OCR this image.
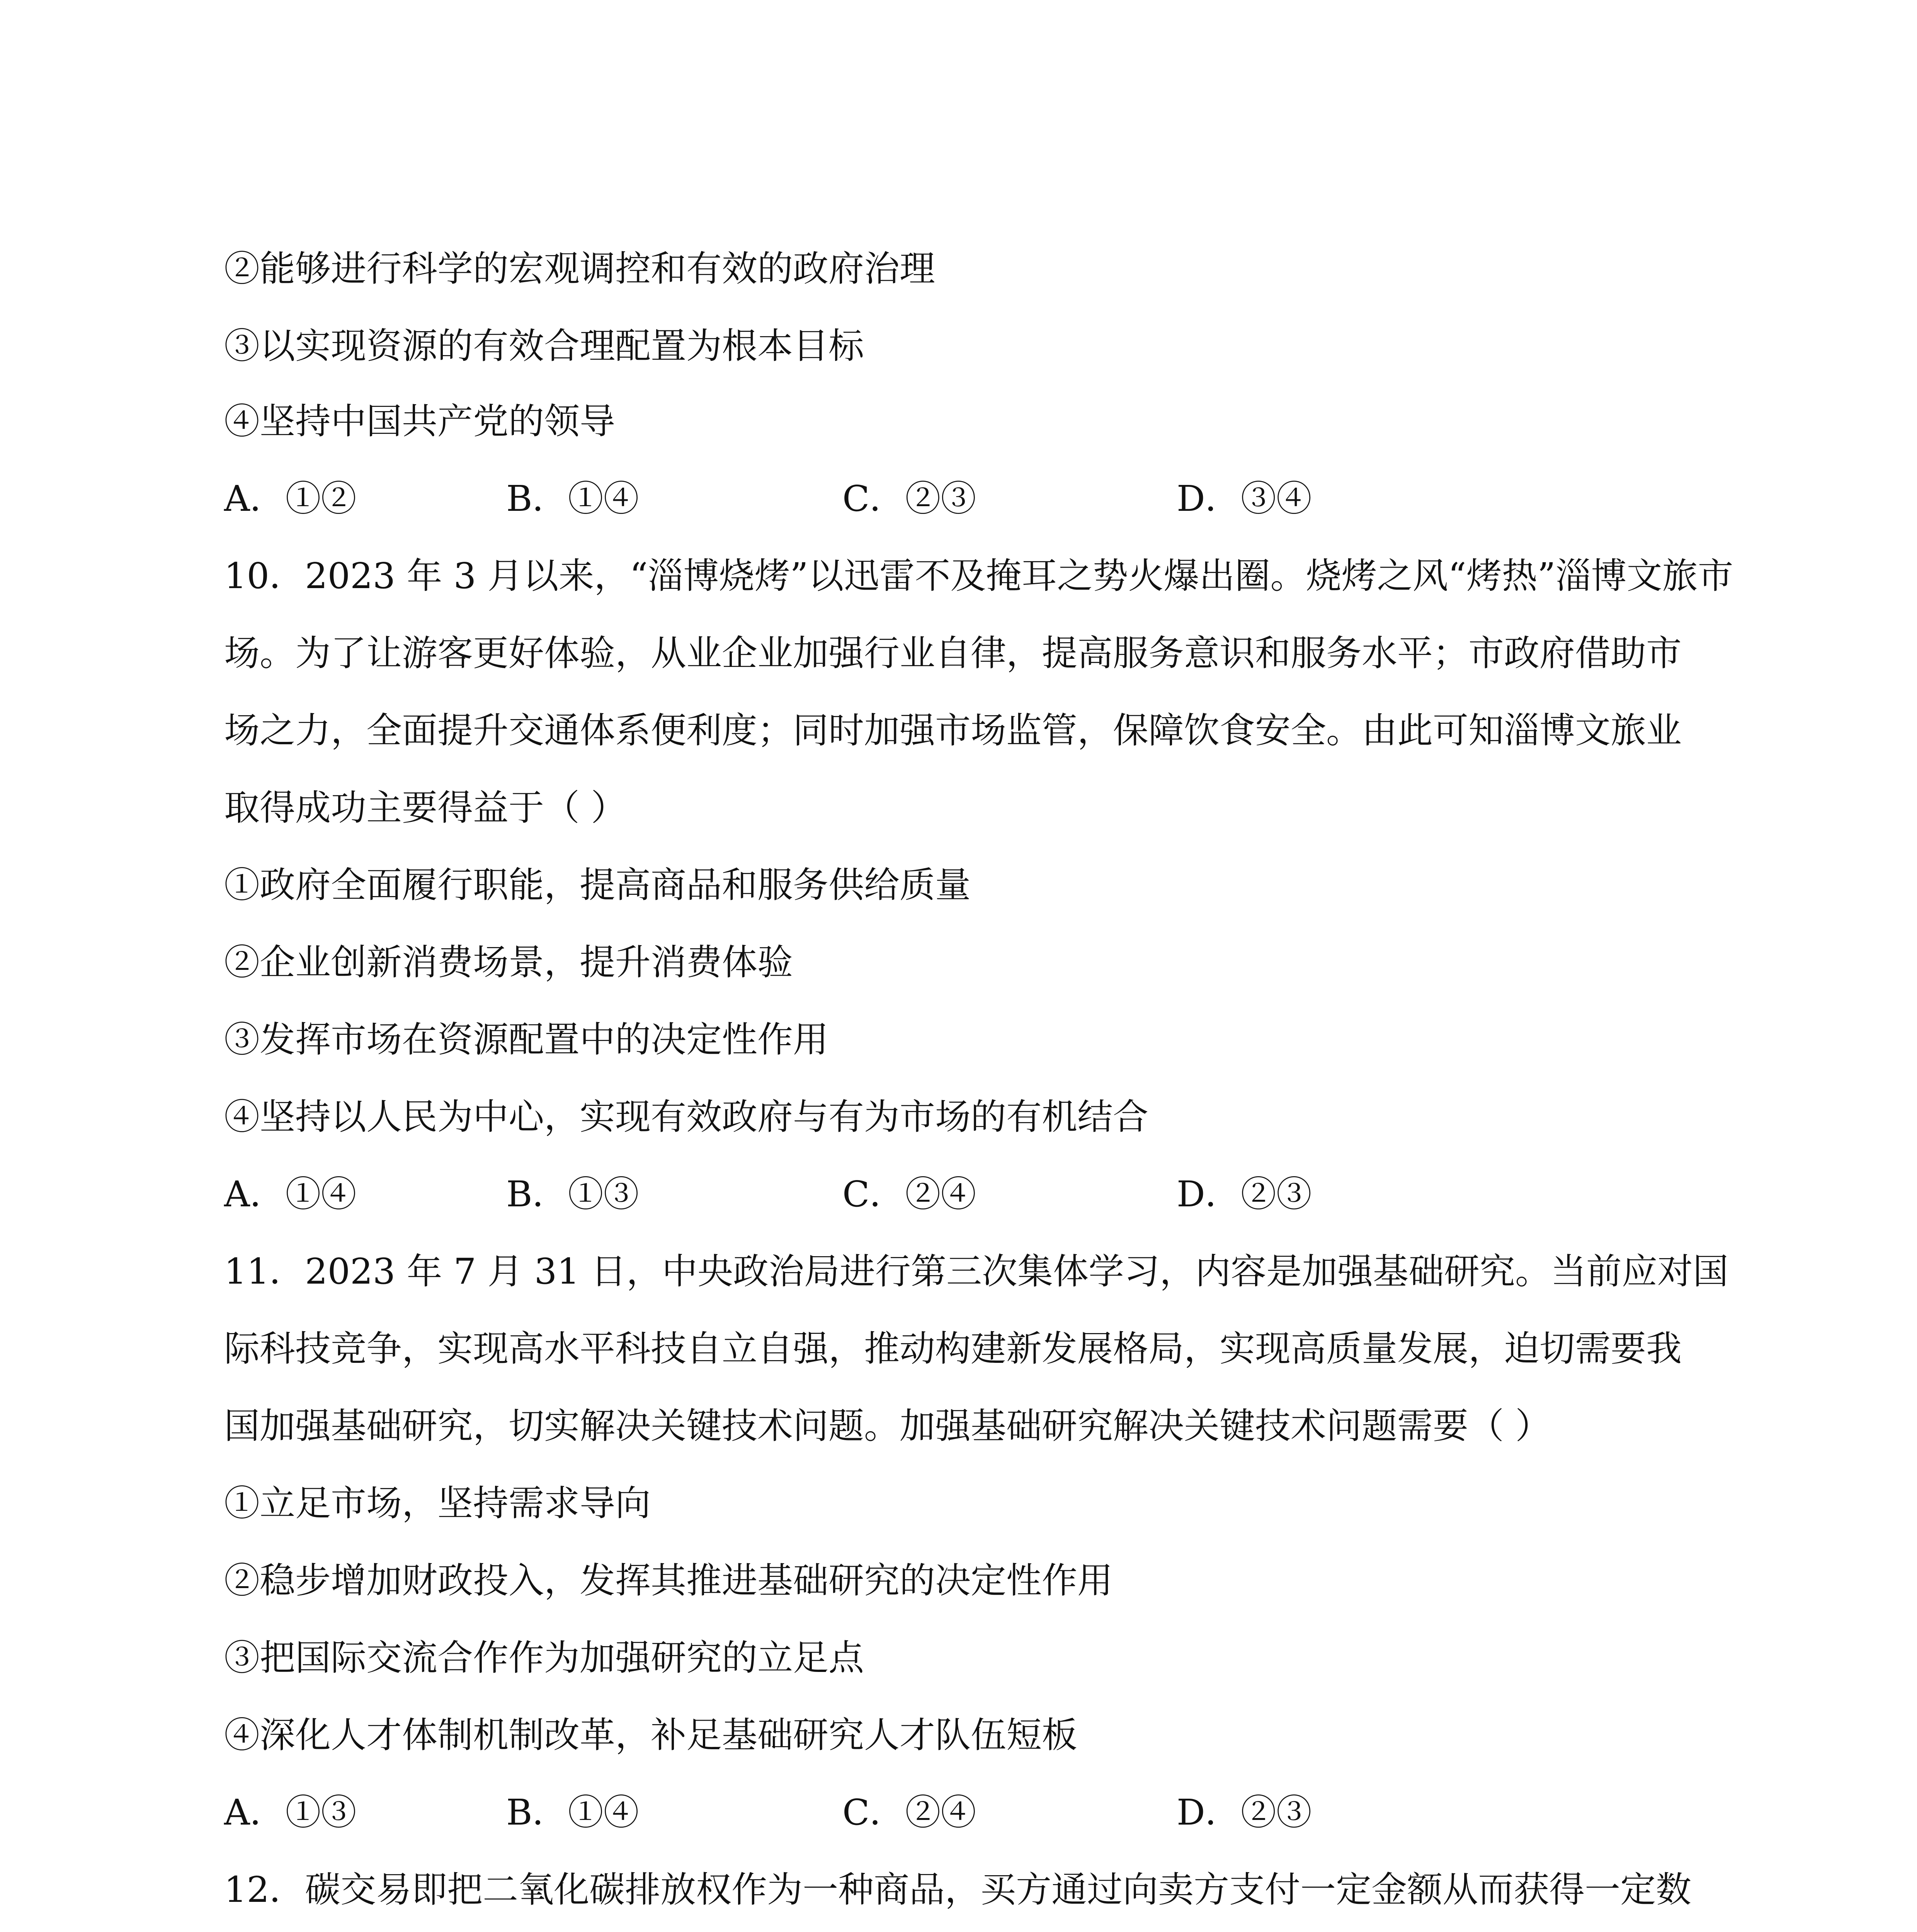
②能够进行科学的宏观调控和有效的政府治理
③以实现资源的有效合理配置为根本目标
④坚持中国共产党的领导
A．①②	B．①④	C．②③	D．③④
10．2023 年 3 月以来，“淄博烧烤”以迅雷不及掩耳之势火爆出圈。烧烤之风“烤热”淄博文旅市
场。为了让游客更好体验，从业企业加强行业自律，提高服务意识和服务水平；市政府借助市
场之力，全面提升交通体系便利度；同时加强市场监管，保障饮食安全。由此可知淄博文旅业
取得成功主要得益于（ ）
①政府全面履行职能，提高商品和服务供给质量
②企业创新消费场景，提升消费体验
③发挥市场在资源配置中的决定性作用
④坚持以人民为中心，实现有效政府与有为市场的有机结合
A．①④	B．①③	C．②④	D．②③
11．2023 年 7 月 31 日，中央政治局进行第三次集体学习，内容是加强基础研究。当前应对国
际科技竞争，实现高水平科技自立自强，推动构建新发展格局，实现高质量发展，迫切需要我
国加强基础研究，切实解决关键技术问题。加强基础研究解决关键技术问题需要（ ）
①立足市场，坚持需求导向
②稳步增加财政投入，发挥其推进基础研究的决定性作用
③把国际交流合作作为加强研究的立足点
④深化人才体制机制改革，补足基础研究人才队伍短板
A．①③	B．①④	C．②④	D．②③
12．碳交易即把二氧化碳排放权作为一种商品，买方通过向卖方支付一定金额从而获得一定数
